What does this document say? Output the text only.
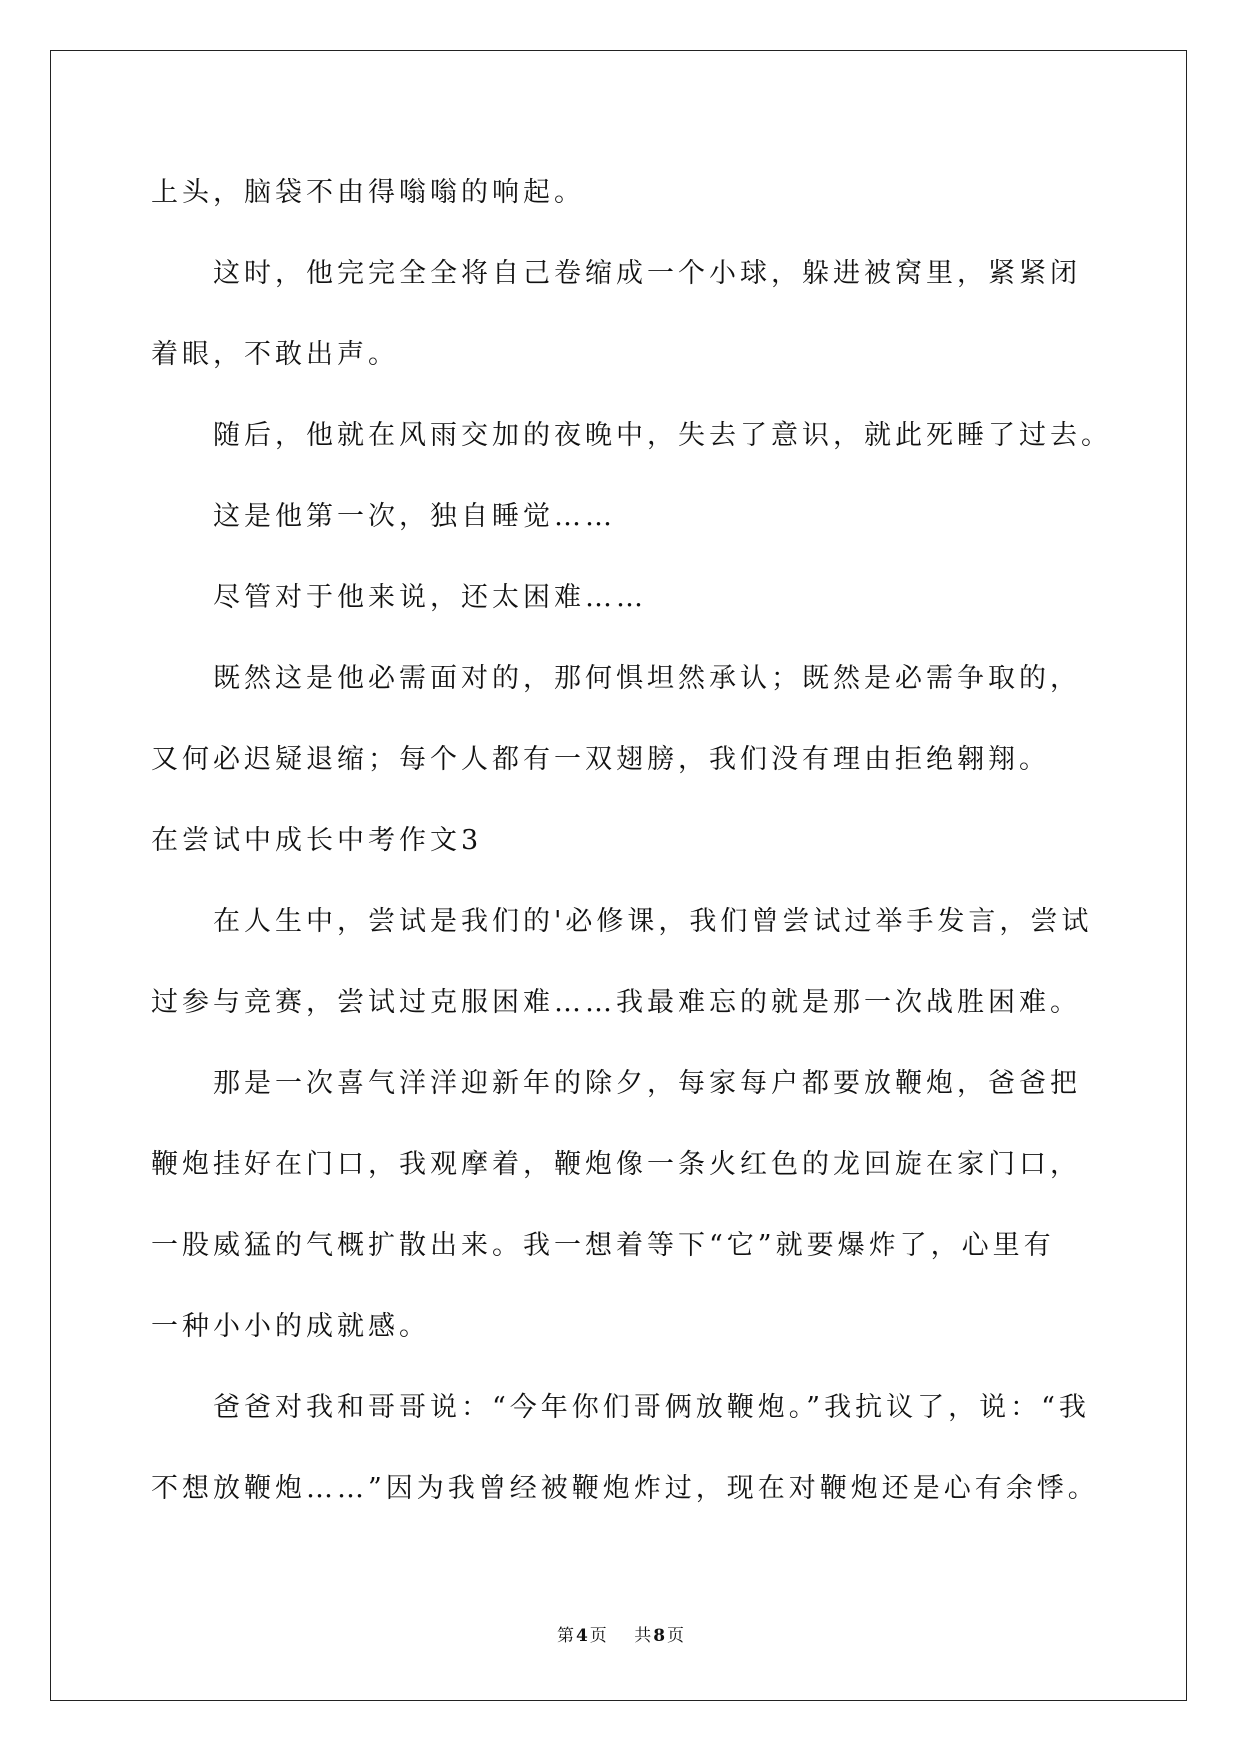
上头，脑袋不由得嗡嗡的响起。
这时，他完完全全将自己卷缩成一个小球，躲进被窝里，紧紧闭
着眼，不敢出声。
随后，他就在风雨交加的夜晚中，失去了意识，就此死睡了过去。
这是他第一次，独自睡觉……
尽管对于他来说，还太困难……
既然这是他必需面对的，那何惧坦然承认；既然是必需争取的，
又何必迟疑退缩；每个人都有一双翅膀，我们没有理由拒绝翱翔。
在尝试中成长中考作文3
在人生中，尝试是我们的'必修课，我们曾尝试过举手发言，尝试
过参与竞赛，尝试过克服困难……我最难忘的就是那一次战胜困难。
那是一次喜气洋洋迎新年的除夕，每家每户都要放鞭炮，爸爸把
鞭炮挂好在门口，我观摩着，鞭炮像一条火红色的龙回旋在家门口，
一股威猛的气概扩散出来。我一想着等下“它”就要爆炸了，心里有
一种小小的成就感。
爸爸对我和哥哥说：“今年你们哥俩放鞭炮。”我抗议了，说：“我
不想放鞭炮……”因为我曾经被鞭炮炸过，现在对鞭炮还是心有余悸。
第 4 页 共 8 页
